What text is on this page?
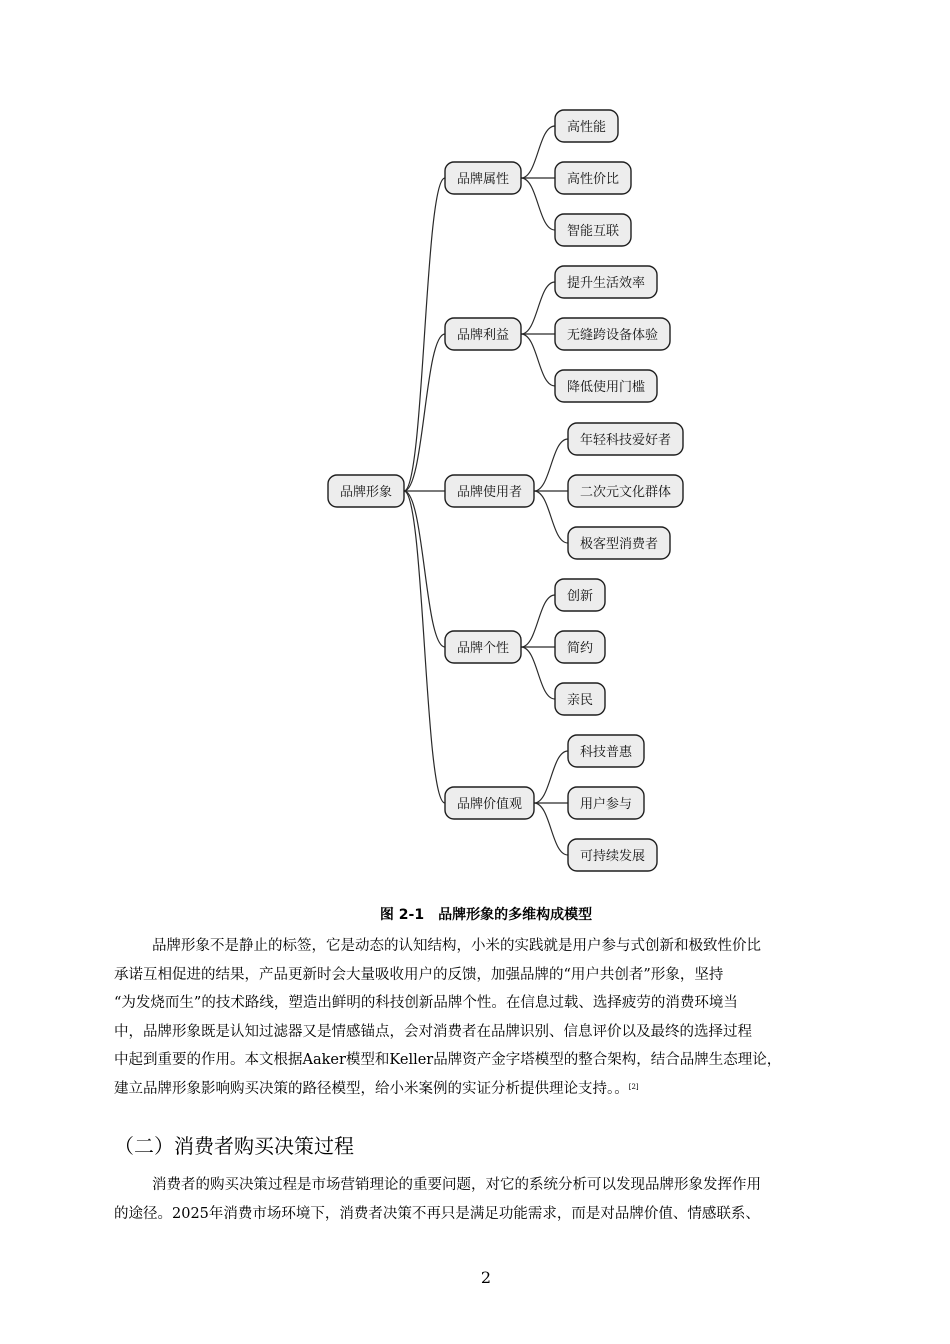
品牌形象
品牌属性
高性能
高性价比
智能互联
品牌利益
提升生活效率
无缝跨设备体验
降低使用门槛
品牌使用者
年轻科技爱好者
二次元文化群体
极客型消费者
品牌个性
创新
简约
亲民
品牌价值观
科技普惠
用户参与
可持续发展
图 2-1　品牌形象的多维构成模型
品牌形象不是静止的标签，它是动态的认知结构，小米的实践就是用户参与式创新和极致性价比
承诺互相促进的结果，产品更新时会大量吸收用户的反馈，加强品牌的“用户共创者”形象，坚持
“为发烧而生”的技术路线，塑造出鲜明的科技创新品牌个性。在信息过载、选择疲劳的消费环境当
中，品牌形象既是认知过滤器又是情感锚点，会对消费者在品牌识别、信息评价以及最终的选择过程
中起到重要的作用。本文根据Aaker模型和Keller品牌资产金字塔模型的整合架构，结合品牌生态理论，
建立品牌形象影响购买决策的路径模型，给小米案例的实证分析提供理论支持。。[2]
（二）消费者购买决策过程
消费者的购买决策过程是市场营销理论的重要问题，对它的系统分析可以发现品牌形象发挥作用
的途径。2025年消费市场环境下，消费者决策不再只是满足功能需求，而是对品牌价值、情感联系、
2
